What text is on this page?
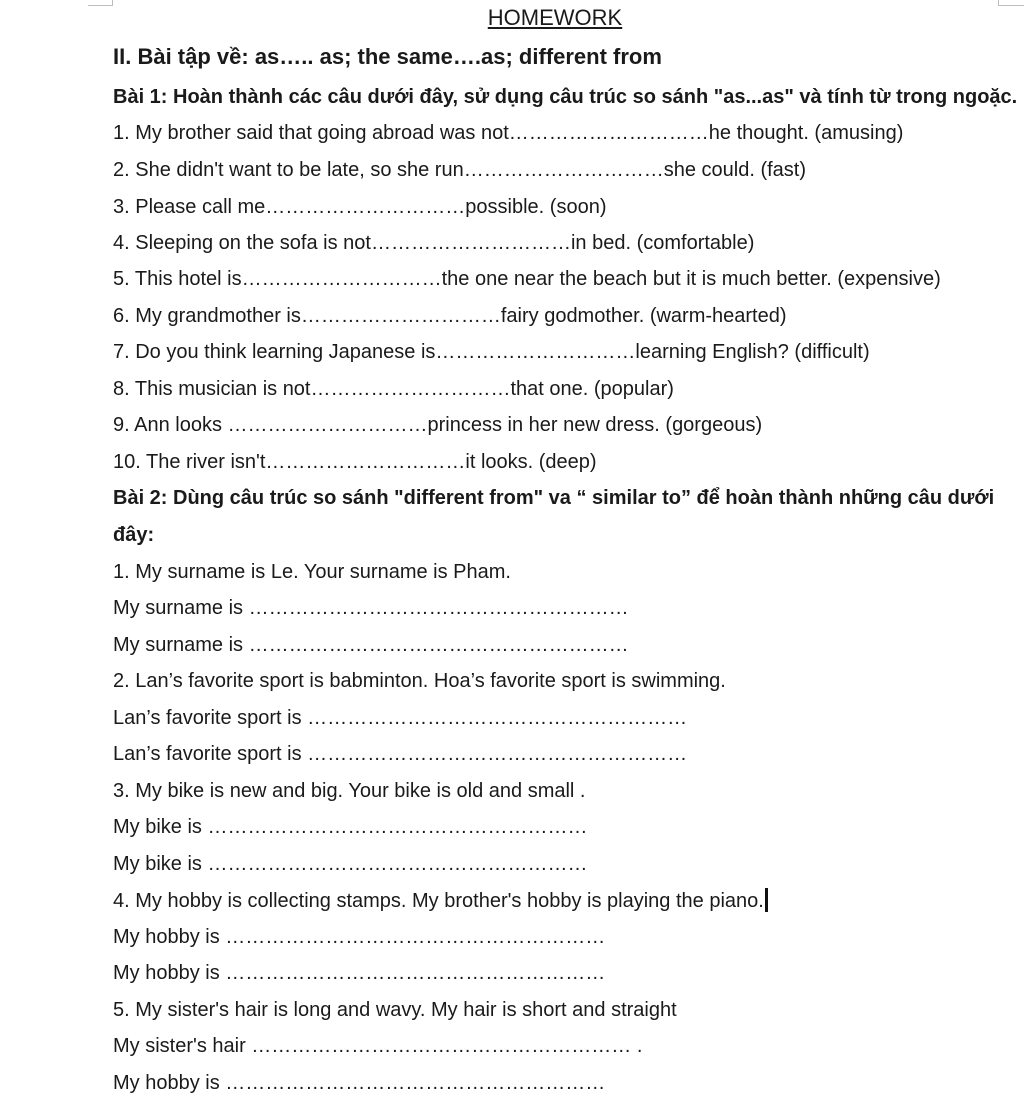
HOMEWORK
II. Bài tập về: as….. as; the same….as; different from
Bài 1: Hoàn thành các câu dưới đây, sử dụng câu trúc so sánh "as...as" và tính từ trong ngoặc.
1. My brother said that going abroad was not…………………………he thought. (amusing)
2. She didn't want to be late, so she run…………………………she could. (fast)
3. Please call me…………………………possible. (soon)
4. Sleeping on the sofa is not…………………………in bed. (comfortable)
5. This hotel is…………………………the one near the beach but it is much better. (expensive)
6. My grandmother is…………………………fairy godmother. (warm-hearted)
7. Do you think learning Japanese is…………………………learning English? (difficult)
8. This musician is not…………………………that one. (popular)
9. Ann looks …………………………princess in her new dress. (gorgeous)
10. The river isn't…………………………it looks. (deep)
Bài 2: Dùng câu trúc so sánh "different from" va “ similar to” để hoàn thành những câu dưới
đây:
1. My surname is Le. Your surname is Pham.
My surname is …………………………………………………
My surname is …………………………………………………
2. Lan’s favorite sport is babminton. Hoa’s favorite sport is swimming.
Lan’s favorite sport is …………………………………………………
Lan’s favorite sport is …………………………………………………
3. My bike is new and big. Your bike is old and small .
My bike is …………………………………………………
My bike is …………………………………………………
4. My hobby is collecting stamps. My brother's hobby is playing the piano.
My hobby is …………………………………………………
My hobby is …………………………………………………
5. My sister's hair is long and wavy. My hair is short and straight
My sister's hair ………………………………………………… .
My hobby is …………………………………………………
